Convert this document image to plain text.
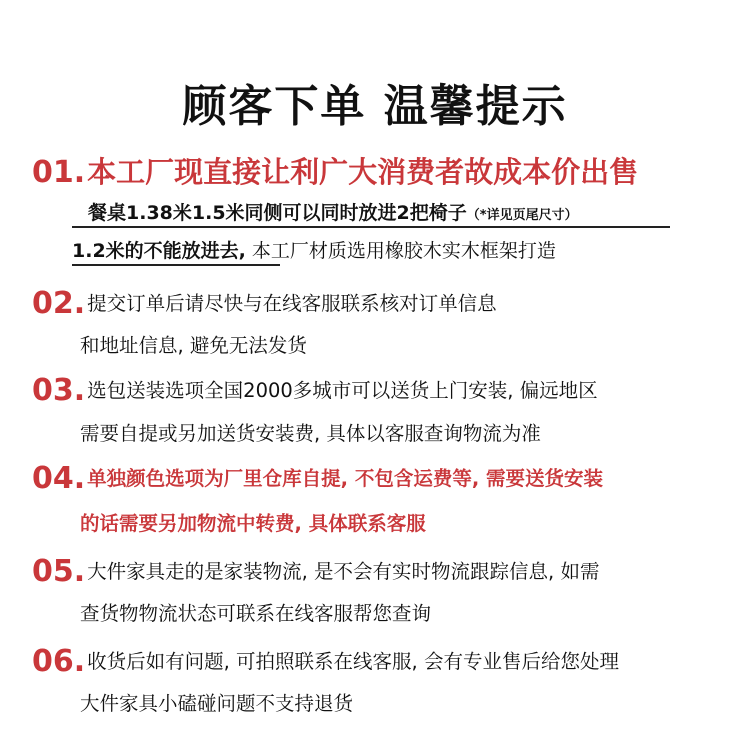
顾客下单 温馨提示
01.本工厂现直接让利广大消费者故成本价出售
餐桌1.38米1.5米同侧可以同时放进2把椅子（*详见页尾尺寸）
1.2米的不能放进去, 本工厂材质选用橡胶木实木框架打造
02. 提交订单后请尽快与在线客服联系核对订单信息
和地址信息, 避免无法发货
03. 选包送装选项全国2000多城市可以送货上门安装, 偏远地区
需要自提或另加送货安装费, 具体以客服查询物流为准
04. 单独颜色选项为厂里仓库自提, 不包含运费等, 需要送货安装
的话需要另加物流中转费, 具体联系客服
05. 大件家具走的是家装物流, 是不会有实时物流跟踪信息, 如需
查货物物流状态可联系在线客服帮您查询
06. 收货后如有问题, 可拍照联系在线客服, 会有专业售后给您处理
大件家具小磕碰问题不支持退货
